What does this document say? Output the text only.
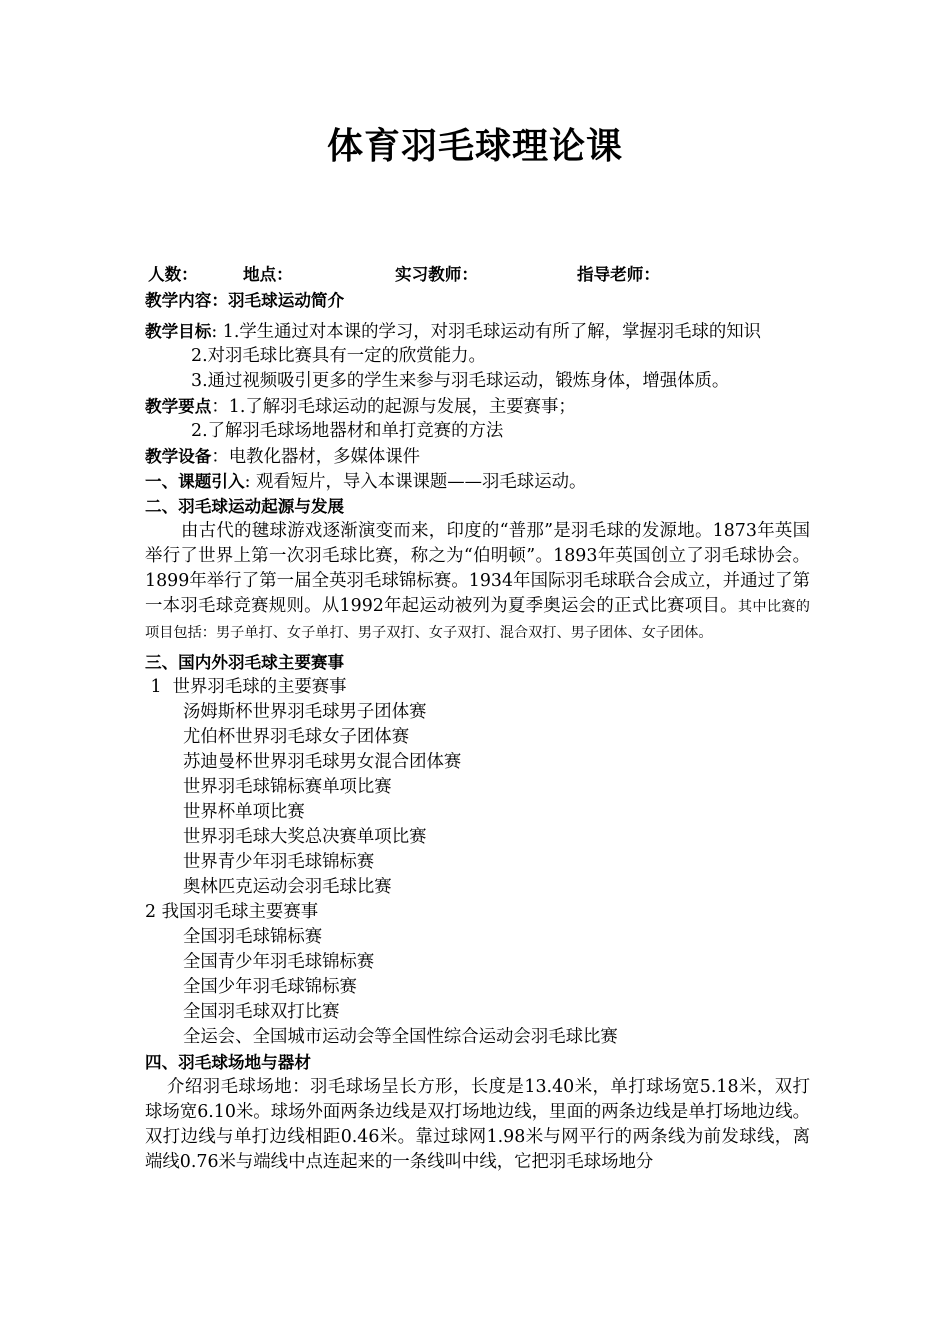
体育羽毛球理论课
人数：	地点：	实习教师：	指导老师：
教学内容：羽毛球运动简介
教学目标: 1.学生通过对本课的学习，对羽毛球运动有所了解，掌握羽毛球的知识
2.对羽毛球比赛具有一定的欣赏能力。
3.通过视频吸引更多的学生来参与羽毛球运动，锻炼身体，增强体质。
教学要点：1.了解羽毛球运动的起源与发展，主要赛事；
2.了解羽毛球场地器材和单打竞赛的方法
教学设备：电教化器材，多媒体课件
一、课题引入: 观看短片，导入本课课题——羽毛球运动。
二、羽毛球运动起源与发展
由古代的毽球游戏逐渐演变而来，印度的“普那”是羽毛球的发源地。1873年英国举行了世界上第一次羽毛球比赛，称之为“伯明顿”。1893年英国创立了羽毛球协会。1899年举行了第一届全英羽毛球锦标赛。1934年国际羽毛球联合会成立，并通过了第一本羽毛球竞赛规则。从1992年起运动被列为夏季奥运会的正式比赛项目。其中比赛的项目包括：男子单打、女子单打、男子双打、女子双打、混合双打、男子团体、女子团体。
三、国内外羽毛球主要赛事
1  世界羽毛球的主要赛事
汤姆斯杯世界羽毛球男子团体赛
尤伯杯世界羽毛球女子团体赛
苏迪曼杯世界羽毛球男女混合团体赛
世界羽毛球锦标赛单项比赛
世界杯单项比赛
世界羽毛球大奖总决赛单项比赛
世界青少年羽毛球锦标赛
奥林匹克运动会羽毛球比赛
2 我国羽毛球主要赛事
全国羽毛球锦标赛
全国青少年羽毛球锦标赛
全国少年羽毛球锦标赛
全国羽毛球双打比赛
全运会、全国城市运动会等全国性综合运动会羽毛球比赛
四、羽毛球场地与器材
介绍羽毛球场地：羽毛球场呈长方形，长度是13.40米，单打球场宽5.18米，双打球场宽6.10米。球场外面两条边线是双打场地边线，里面的两条边线是单打场地边线。双打边线与单打边线相距0.46米。靠过球网1.98米与网平行的两条线为前发球线，离端线0.76米与端线中点连起来的一条线叫中线，它把羽毛球场地分
